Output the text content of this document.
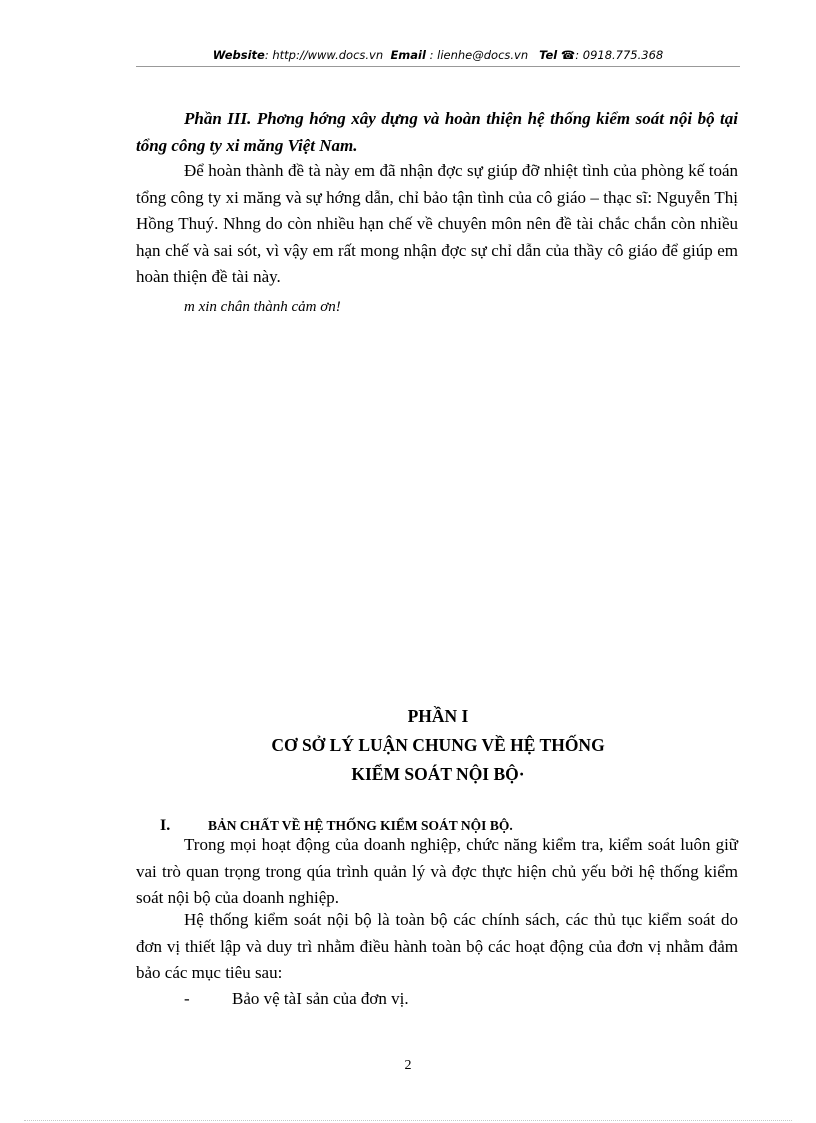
Website: http://www.docs.vn Email : lienhe@docs.vn Tel ☎: 0918.775.368
Phần III. Phơng hớng xây dựng và hoàn thiện hệ thống kiểm soát nội bộ tại tổng công ty xi măng Việt Nam.
Để hoàn thành đề tà này em đã nhận đợc sự giúp đỡ nhiệt tình của phòng kế toán tổng công ty xi măng và sự hớng dẫn, chỉ bảo tận tình của cô giáo – thạc sĩ: Nguyễn Thị Hồng Thuý. Nhng do còn nhiều hạn chế về chuyên môn nên đề tài chắc chắn còn nhiều hạn chế và sai sót, vì vậy em rất mong nhận đợc sự chỉ dẫn của thầy cô giáo để giúp em hoàn thiện đề tài này.
m xin chân thành cảm ơn!
PHẦN I
CƠ SỞ LÝ LUẬN CHUNG VỀ HỆ THỐNG
KIỂM SOÁT NỘI BỘ·
I.	BẢN CHẤT VỀ HỆ THỐNG KIỂM SOÁT NỘI BỘ.
Trong mọi hoạt động của doanh nghiệp, chức năng kiểm tra, kiểm soát luôn giữ vai trò quan trọng trong qúa trình quản lý và đợc thực hiện chủ yếu bởi hệ thống kiểm soát nội bộ của doanh nghiệp.
Hệ thống kiểm soát nội bộ là toàn bộ các chính sách, các thủ tục kiểm soát do đơn vị thiết lập và duy trì nhằm điều hành toàn bộ các hoạt động của đơn vị nhằm đảm bảo các mục tiêu sau:
- Bảo vệ tàI sản của đơn vị.
2
